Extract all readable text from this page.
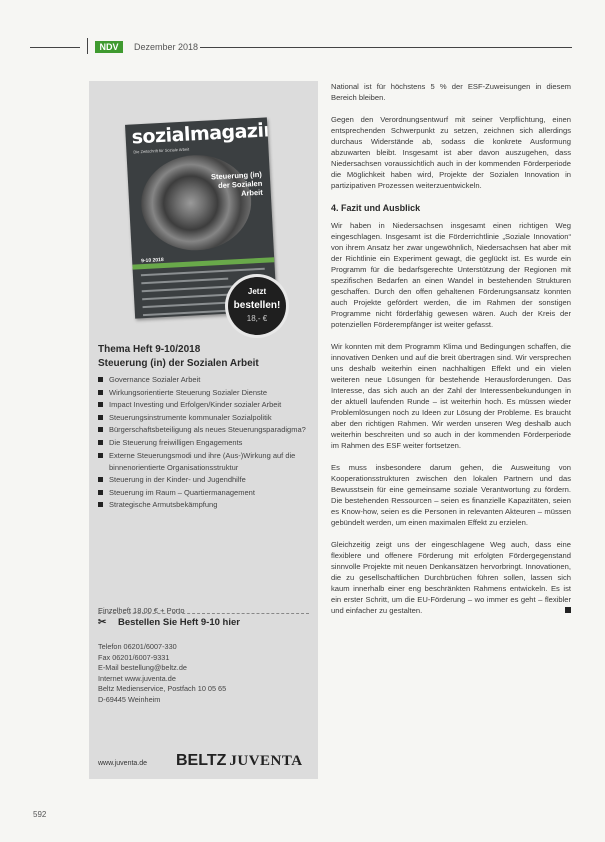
NDV	Dezember 2018
sozialmagazin
Die Zeitschrift für Soziale Arbeit
Steuerung (in) der Sozialen Arbeit
9-10 2018
Jetzt
bestellen!
18,- €
Thema Heft 9-10/2018
Steuerung (in) der Sozialen Arbeit
Governance Sozialer Arbeit
Wirkungsorientierte Steuerung Sozialer Dienste
Impact Investing und Erfolgen/Kinder sozialer Arbeit
Steuerungsinstrumente kommunaler Sozialpolitik
Bürgerschaftsbeteiligung als neues Steuerungsparadigma?
Die Steuerung freiwilligen Engagements
Externe Steuerungsmodi und ihre (Aus-)Wirkung auf die binnenorientierte Organisationsstruktur
Steuerung in der Kinder- und Jugendhilfe
Steuerung im Raum – Quartiermanagement
Strategische Armutsbekämpfung
Einzelheft 18,00 € + Porto
✂ Bestellen Sie Heft 9-10 hier
Telefon 06201/6007-330
Fax 06201/6007-9331
E-Mail bestellung@beltz.de
Internet www.juventa.de
Beltz Medienservice, Postfach 10 05 65
D-69445 Weinheim
www.juventa.de BELTZ JUVENTA

National ist für höchstens 5 % der ESF-Zuweisungen in diesem Bereich bleiben.

Gegen den Verordnungsentwurf mit seiner Verpflichtung, einen entsprechenden Schwerpunkt zu setzen, zeichnen sich allerdings durchaus Widerstände ab, sodass die konkrete Ausformung abzuwarten bleibt. Insgesamt ist aber davon auszugehen, dass Niedersachsen voraussichtlich auch in der kommenden Förderperiode die Möglichkeit haben wird, Projekte der Sozialen Innovation in partizipativen Prozessen weiterzuentwickeln.

4. Fazit und Ausblick

Wir haben in Niedersachsen insgesamt einen richtigen Weg eingeschlagen. Insgesamt ist die Förderrichtlinie „Soziale Innovation“ von ihrem Ansatz her zwar ungewöhnlich, Niedersachsen hat aber mit der Richtlinie ein Experiment gewagt, die geglückt ist. Es wurde ein Programm für die bedarfsgerechte Unterstützung der Regionen mit spezifischen Bedarfen an einen Wandel in bestehenden Strukturen geschaffen. Durch den offen gehaltenen Förderungsansatz konnten auch Projekte gefördert werden, die im Rahmen der sonstigen Programme nicht förderfähig gewesen wären. Auch der Kreis der potenziellen Förderempfänger ist weiter gefasst.

Wir konnten mit dem Programm Klima und Bedingungen schaffen, die innovativen Denken und auf die breit übertragen sind. Wir versprechen uns deshalb weiterhin einen nachhaltigen Effekt und ein vielen weiteren neue Lösungen für bestehende Herausforderungen. Das Interesse, das sich auch an der Zahl der Interessenbekundungen in der aktuell laufenden Runde – ist weiterhin hoch. Es müssen wieder Problemlösungen noch zu Ideen zur Lösung der Probleme. Es braucht aber den richtigen Rahmen. Wir werden unseren Weg deshalb auch weiterhin beschreiten und so auch in der kommenden Förderperiode im Rahmen des ESF weiter fortsetzen.

Es muss insbesondere darum gehen, die Ausweitung von Kooperationsstrukturen zwischen den lokalen Partnern und das Bewusstsein für eine gemeinsame soziale Verantwortung zu fördern. Die bestehenden Ressourcen – seien es finanzielle Kapazitäten, seien es Know-how, seien es die Personen in relevanten Akteuren – müssen gebündelt werden, um einen maximalen Effekt zu erzielen.

Gleichzeitig zeigt uns der eingeschlagene Weg auch, dass eine flexiblere und offenere Förderung mit erfolgten Fördergegenstand sinnvolle Projekte mit neuen Denkansätzen hervorbringt. Innovationen, die zu gesellschaftlichen Durchbrüchen führen sollen, lassen sich kaum innerhalb einer eng beschränkten Rahmens entwickeln. Es ist ein erster Schritt, um die EU-Förderung – wo immer es geht – flexibler und einfacher zu gestalten.

592
